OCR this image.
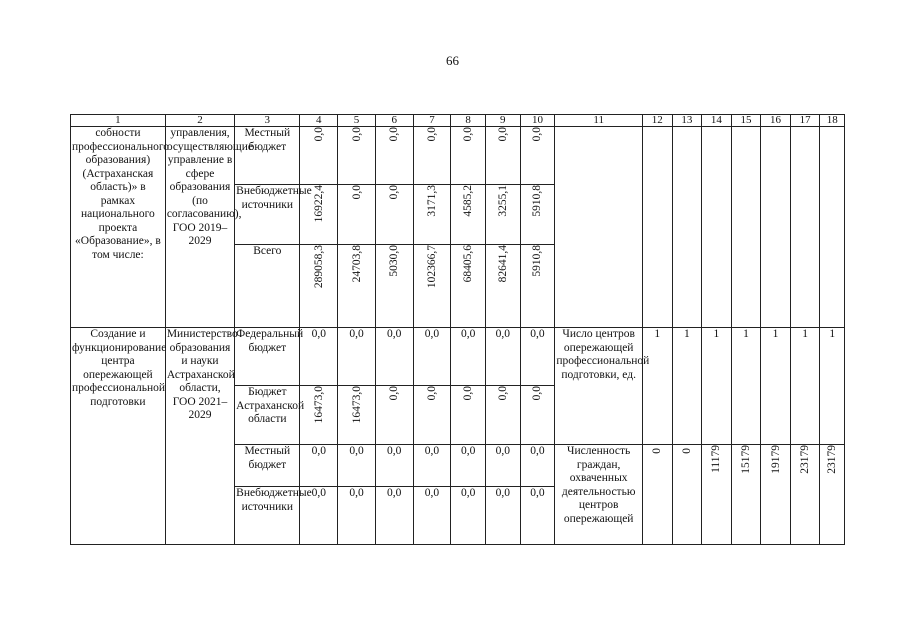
66
1	2	3	4	5	6	7	8	9	10	11	12	13	14	15	16	17	18
собности профессионального образования) (Астраханская область)» в рамках национального проекта «Образование», в том числе:	управления, осуществляющие управление в сфере образования (по согласованию), ГОО 2019–2029	Местный бюджет	0,0	0,0	0,0	0,0	0,0	0,0	0,0								
		Внебюджетные источники	16922,4	0,0	0,0	3171,3	4585,2	3255,1	5910,8								
		Всего	289058,3	24703,8	5030,0	102366,7	68405,6	82641,4	5910,8								
Создание и функционирование центра опережающей профессиональной подготовки	Министерство образования и науки Астраханской области, ГОО 2021–2029	Федеральный бюджет	0,0	0,0	0,0	0,0	0,0	0,0	0,0	Число центров опережающей профессиональной подготовки, ед.	1	1	1	1	1	1	1
		Бюджет Астраханской области	16473,0	16473,0	0,0	0,0	0,0	0,0	0,0								
		Местный бюджет	0,0	0,0	0,0	0,0	0,0	0,0	0,0	Численность граждан, охваченных деятельностью центров опережающей	0	0	11179	15179	19179	23179	23179
		Внебюджетные источники	0,0	0,0	0,0	0,0	0,0	0,0	0,0								
